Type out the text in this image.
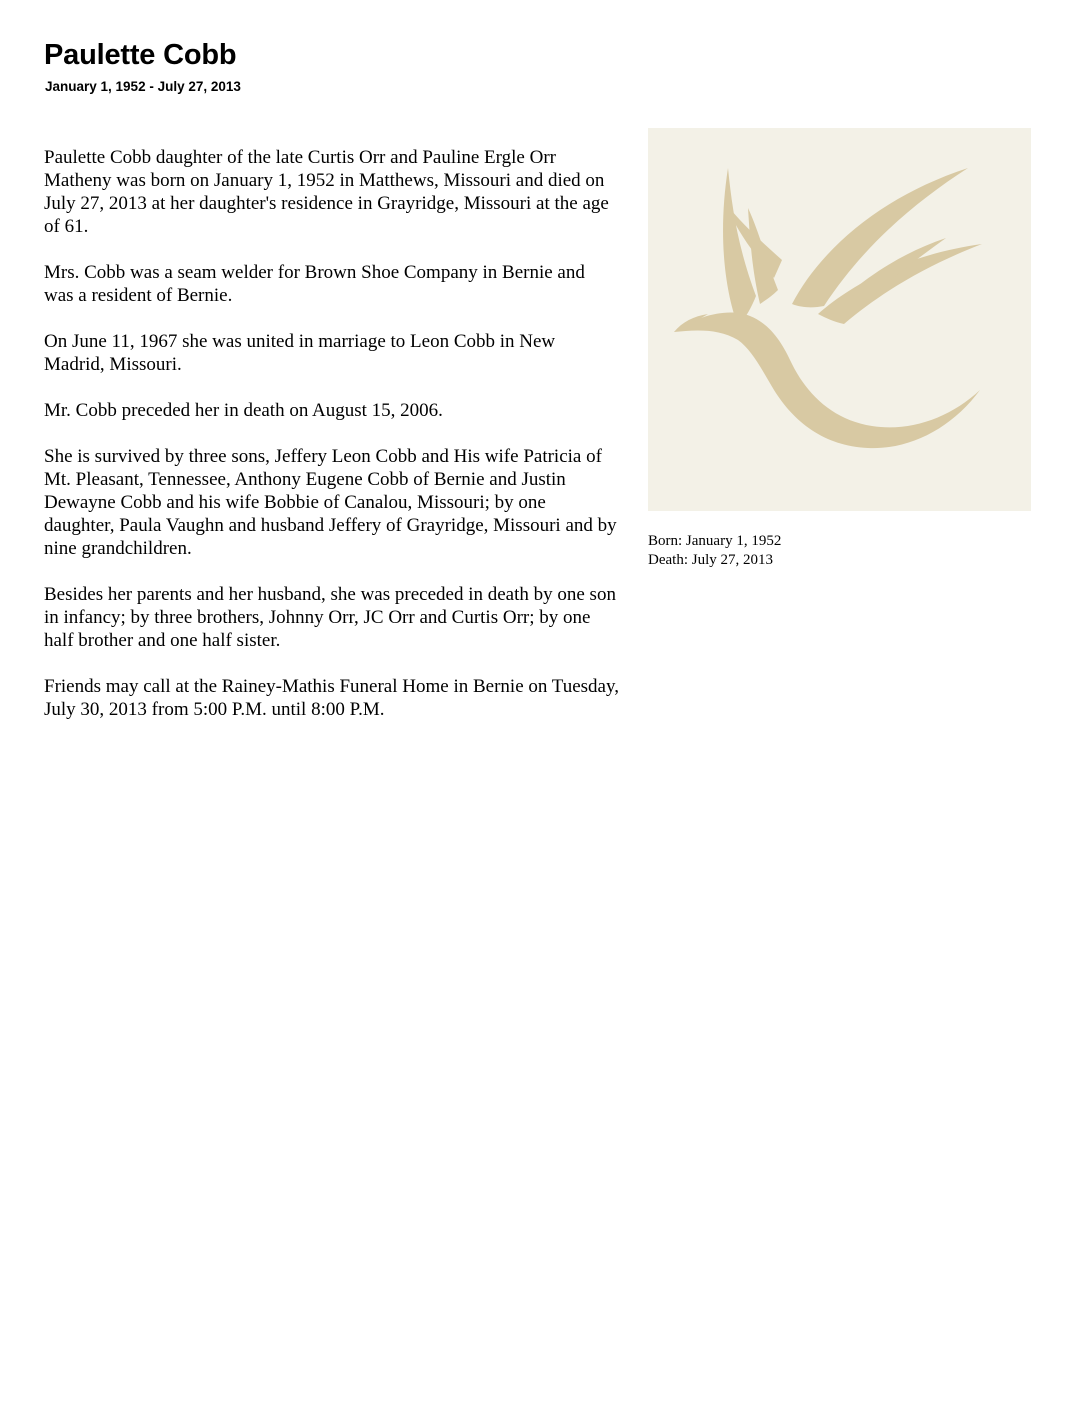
Paulette Cobb
January 1, 1952 - July 27, 2013

Paulette Cobb daughter of the late Curtis Orr and Pauline Ergle Orr Matheny was born on January 1, 1952 in Matthews, Missouri and died on July 27, 2013 at her daughter's residence in Grayridge, Missouri at the age of 61.

Mrs. Cobb was a seam welder for Brown Shoe Company in Bernie and was a resident of Bernie.

On June 11, 1967 she was united in marriage to Leon Cobb in New Madrid, Missouri.

Mr. Cobb preceded her in death on August 15, 2006.

She is survived by three sons, Jeffery Leon Cobb and His wife Patricia of Mt. Pleasant, Tennessee, Anthony Eugene Cobb of Bernie and Justin Dewayne Cobb and his wife Bobbie of Canalou, Missouri; by one daughter, Paula Vaughn and husband Jeffery of Grayridge, Missouri and by nine grandchildren.

Besides her parents and her husband, she was preceded in death by one son in infancy; by three brothers, Johnny Orr, JC Orr and Curtis Orr; by one half brother and one half sister.

Friends may call at the Rainey-Mathis Funeral Home in Bernie on Tuesday, July 30, 2013 from 5:00 P.M. until 8:00 P.M.

Born: January 1, 1952
Death: July 27, 2013
